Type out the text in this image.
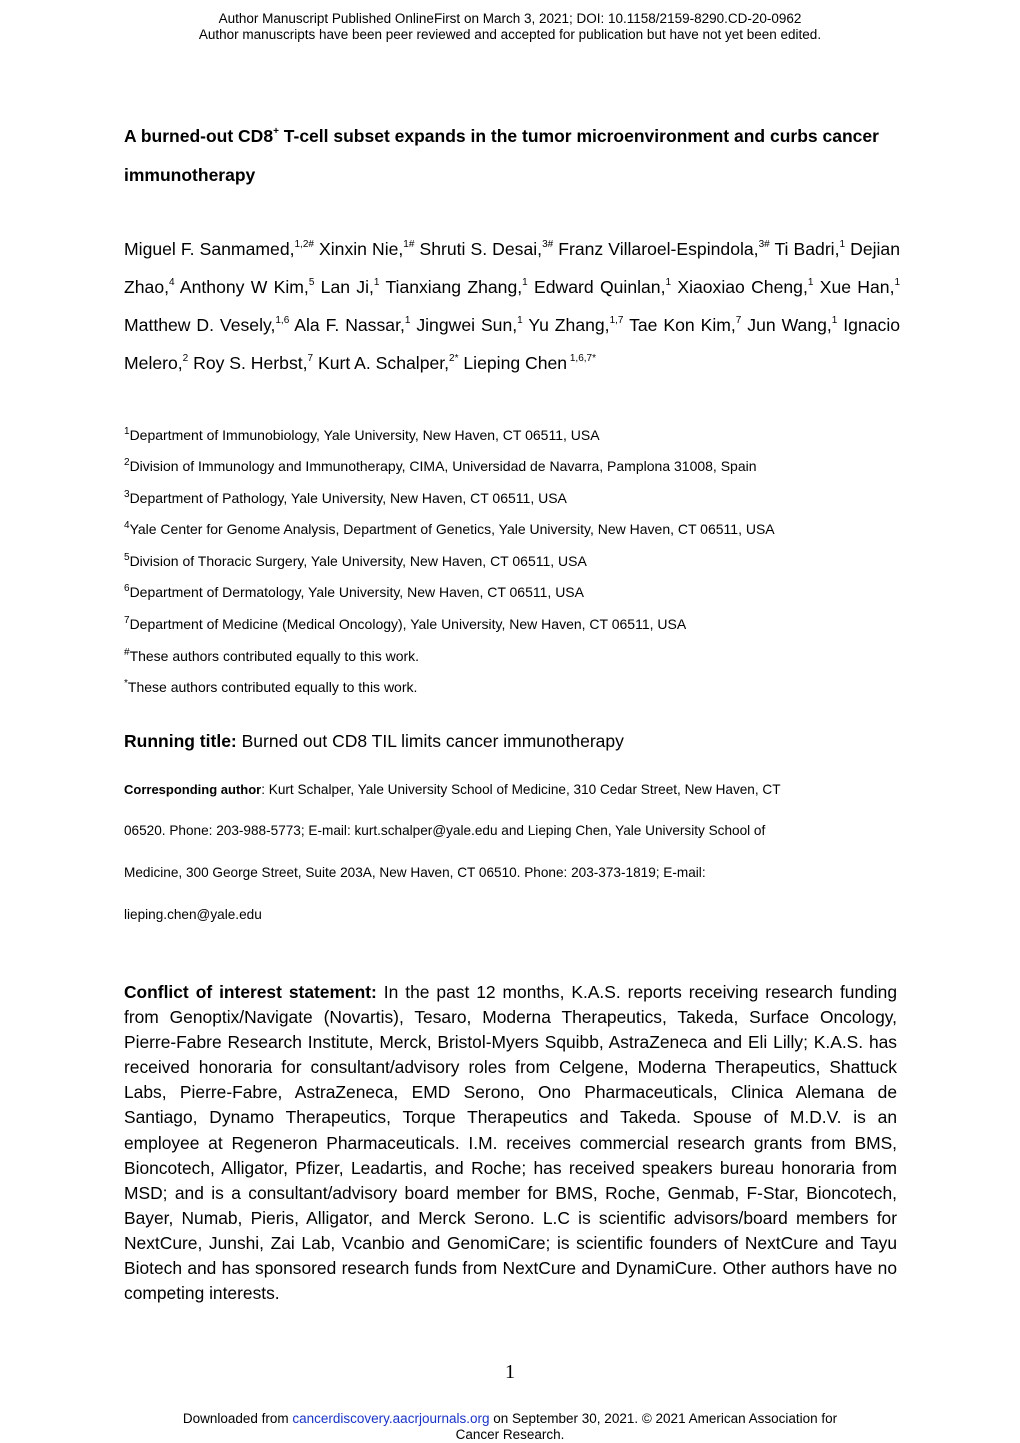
Author Manuscript Published OnlineFirst on March 3, 2021; DOI: 10.1158/2159-8290.CD-20-0962
Author manuscripts have been peer reviewed and accepted for publication but have not yet been edited.
A burned-out CD8+ T-cell subset expands in the tumor microenvironment and curbs cancer
immunotherapy
Miguel F. Sanmamed,$^{1,2\#}$ Xinxin Nie,$^{1\#}$ Shruti S. Desai,$^{3\#}$ Franz Villaroel-Espindola,$^{3\#}$ Ti Badri,$^1$ Dejian Zhao,$^4$ Anthony W Kim,$^5$ Lan Ji,$^1$ Tianxiang Zhang,$^1$ Edward Quinlan,$^1$ Xiaoxiao Cheng,$^1$ Xue Han,$^1$ Matthew D. Vesely,$^{1,6}$ Ala F. Nassar,$^1$ Jingwei Sun,$^1$ Yu Zhang,$^{1,7}$ Tae Kon Kim,$^7$ Jun Wang,$^1$ Ignacio Melero,$^2$ Roy S. Herbst,$^7$ Kurt A. Schalper,$^{2*}$ Lieping Chen $^{1,6,7*}$
$^1$Department of Immunobiology, Yale University, New Haven, CT 06511, USA
$^2$Division of Immunology and Immunotherapy, CIMA, Universidad de Navarra, Pamplona 31008, Spain
$^3$Department of Pathology, Yale University, New Haven, CT 06511, USA
$^4$Yale Center for Genome Analysis, Department of Genetics, Yale University, New Haven, CT 06511, USA
$^5$Division of Thoracic Surgery, Yale University, New Haven, CT 06511, USA
$^6$Department of Dermatology, Yale University, New Haven, CT 06511, USA
$^7$Department of Medicine (Medical Oncology), Yale University, New Haven, CT 06511, USA
#These authors contributed equally to this work.
*These authors contributed equally to this work.
Running title: Burned out CD8 TIL limits cancer immunotherapy
Corresponding author: Kurt Schalper, Yale University School of Medicine, 310 Cedar Street, New Haven, CT
06520. Phone: 203-988-5773; E-mail: kurt.schalper@yale.edu and Lieping Chen, Yale University School of
Medicine, 300 George Street, Suite 203A, New Haven, CT 06510. Phone: 203-373-1819; E-mail:
lieping.chen@yale.edu
Conflict of interest statement: In the past 12 months, K.A.S. reports receiving research funding from Genoptix/Navigate (Novartis), Tesaro, Moderna Therapeutics, Takeda, Surface Oncology, Pierre-Fabre Research Institute, Merck, Bristol-Myers Squibb, AstraZeneca and Eli Lilly; K.A.S. has received honoraria for consultant/advisory roles from Celgene, Moderna Therapeutics, Shattuck Labs, Pierre-Fabre, AstraZeneca, EMD Serono, Ono Pharmaceuticals, Clinica Alemana de Santiago, Dynamo Therapeutics, Torque Therapeutics and Takeda. Spouse of M.D.V. is an employee at Regeneron Pharmaceuticals. I.M. receives commercial research grants from BMS, Bioncotech, Alligator, Pfizer, Leadartis, and Roche; has received speakers bureau honoraria from MSD; and is a consultant/advisory board member for BMS, Roche, Genmab, F-Star, Bioncotech, Bayer, Numab, Pieris, Alligator, and Merck Serono. L.C is scientific advisors/board members for NextCure, Junshi, Zai Lab, Vcanbio and GenomiCare; is scientific founders of NextCure and Tayu Biotech and has sponsored research funds from NextCure and DynamiCure. Other authors have no competing interests.
1
Downloaded from cancerdiscovery.aacrjournals.org on September 30, 2021. © 2021 American Association for
Cancer Research.
